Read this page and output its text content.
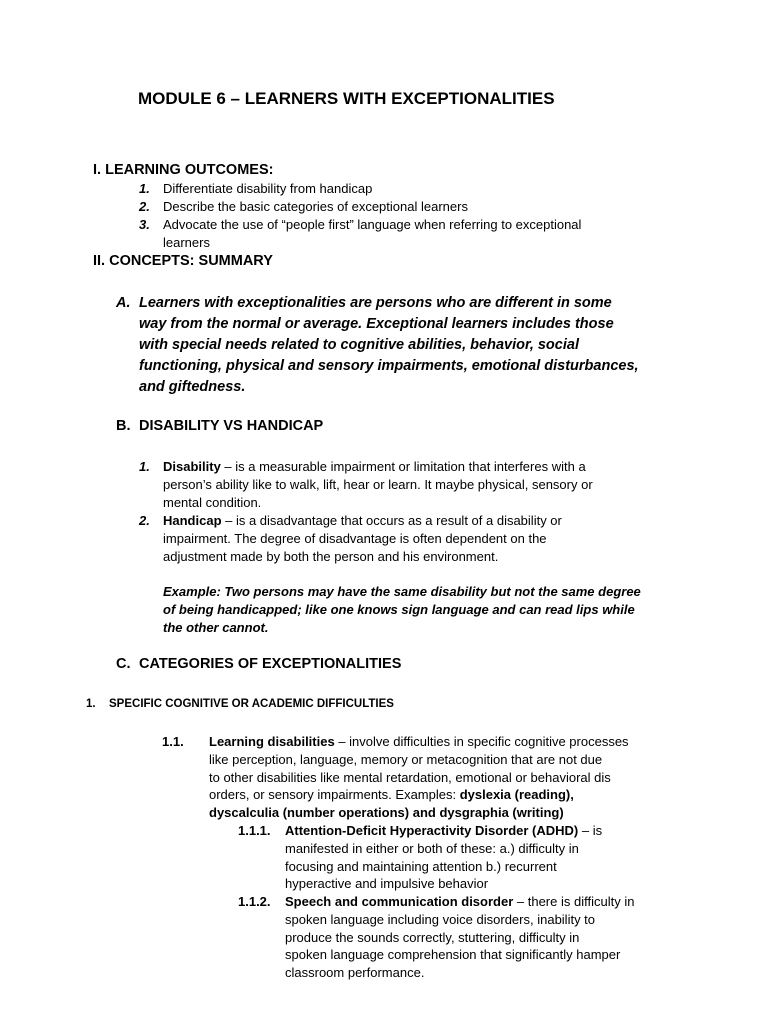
MODULE 6 – LEARNERS WITH EXCEPTIONALITIES
I. LEARNING OUTCOMES:
1. Differentiate disability from handicap
2. Describe the basic categories of exceptional learners
3. Advocate the use of “people first” language when referring to exceptional
learners
II. CONCEPTS: SUMMARY
A. Learners with exceptionalities are persons who are different in some
way from the normal or average. Exceptional learners includes those
with special needs related to cognitive abilities, behavior, social
functioning, physical and sensory impairments, emotional disturbances,
and giftedness.
B. DISABILITY VS HANDICAP
1. Disability – is a measurable impairment or limitation that interferes with a
person’s ability like to walk, lift, hear or learn. It maybe physical, sensory or
mental condition.
2. Handicap – is a disadvantage that occurs as a result of a disability or
impairment. The degree of disadvantage is often dependent on the
adjustment made by both the person and his environment.
Example: Two persons may have the same disability but not the same degree
of being handicapped; like one knows sign language and can read lips while
the other cannot.
C. CATEGORIES OF EXCEPTIONALITIES
1. SPECIFIC COGNITIVE OR ACADEMIC DIFFICULTIES
1.1. Learning disabilities – involve difficulties in specific cognitive processes
like perception, language, memory or metacognition that are not due
to other disabilities like mental retardation, emotional or behavioral dis
orders, or sensory impairments. Examples: dyslexia (reading),
dyscalculia (number operations) and dysgraphia (writing)
1.1.1. Attention-Deficit Hyperactivity Disorder (ADHD) – is
manifested in either or both of these: a.) difficulty in
focusing and maintaining attention b.) recurrent
hyperactive and impulsive behavior
1.1.2. Speech and communication disorder – there is difficulty in
spoken language including voice disorders, inability to
produce the sounds correctly, stuttering, difficulty in
spoken language comprehension that significantly hamper
classroom performance.
